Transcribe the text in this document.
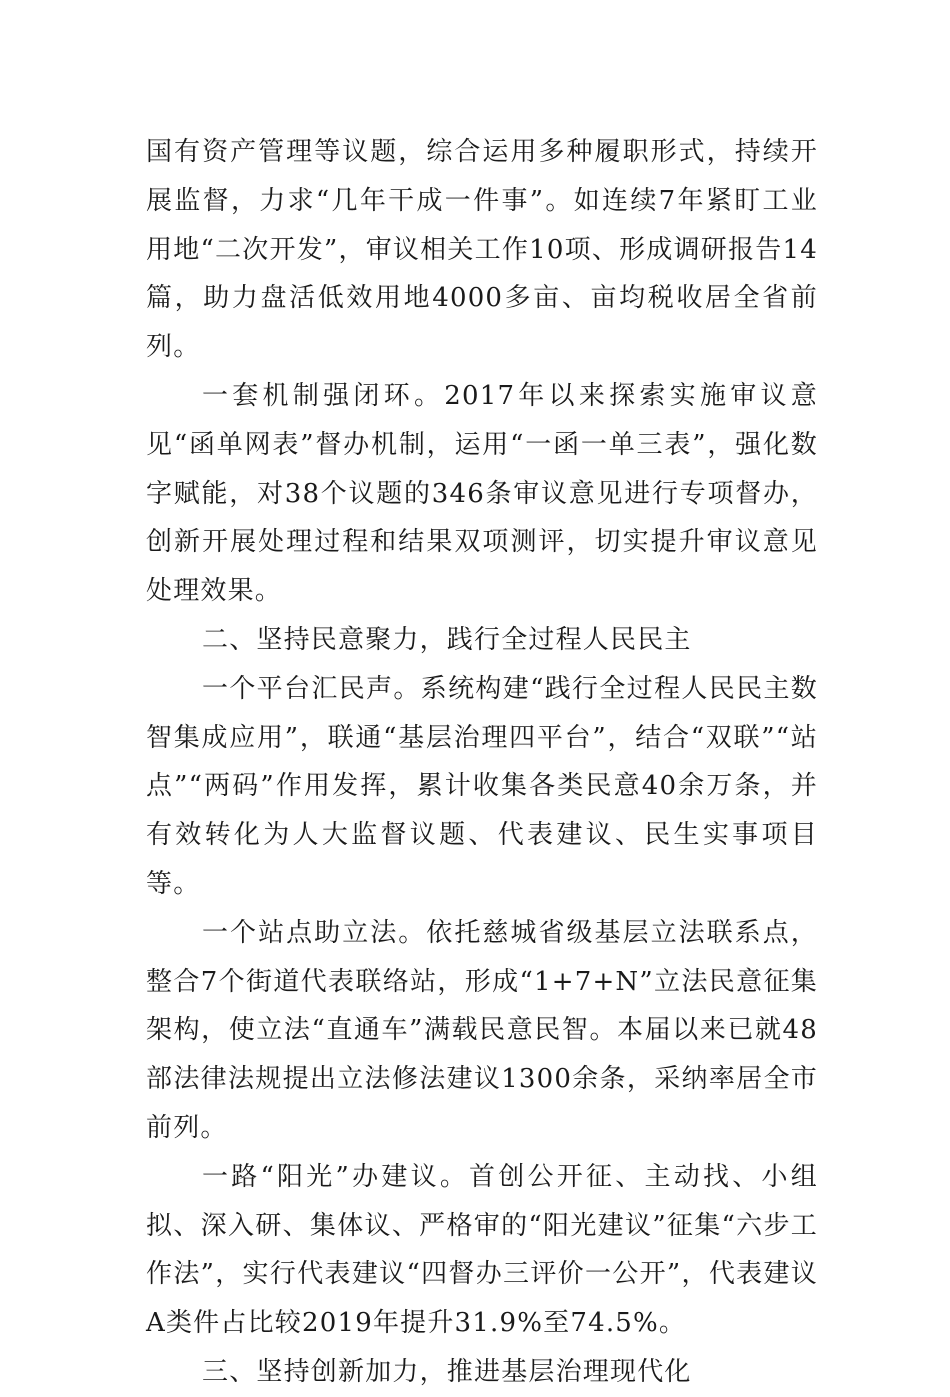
国有资产管理等议题，综合运用多种履职形式，持续开展监督，力求“几年干成一件事”。如连续7年紧盯工业用地“二次开发”，审议相关工作10项、形成调研报告14篇，助力盘活低效用地4000多亩、亩均税收居全省前列。

一套机制强闭环。2017年以来探索实施审议意见“函单网表”督办机制，运用“一函一单三表”，强化数字赋能，对38个议题的346条审议意见进行专项督办，创新开展处理过程和结果双项测评，切实提升审议意见处理效果。

二、坚持民意聚力，践行全过程人民民主

一个平台汇民声。系统构建“践行全过程人民民主数智集成应用”，联通“基层治理四平台”，结合“双联”“站点”“两码”作用发挥，累计收集各类民意40余万条，并有效转化为人大监督议题、代表建议、民生实事项目等。

一个站点助立法。依托慈城省级基层立法联系点，整合7个街道代表联络站，形成“1+7+N”立法民意征集架构，使立法“直通车”满载民意民智。本届以来已就48部法律法规提出立法修法建议1300余条，采纳率居全市前列。

一路“阳光”办建议。首创公开征、主动找、小组拟、深入研、集体议、严格审的“阳光建议”征集“六步工作法”，实行代表建议“四督办三评价一公开”，代表建议A类件占比较2019年提升31.9%至74.5%。

三、坚持创新加力，推进基层治理现代化
